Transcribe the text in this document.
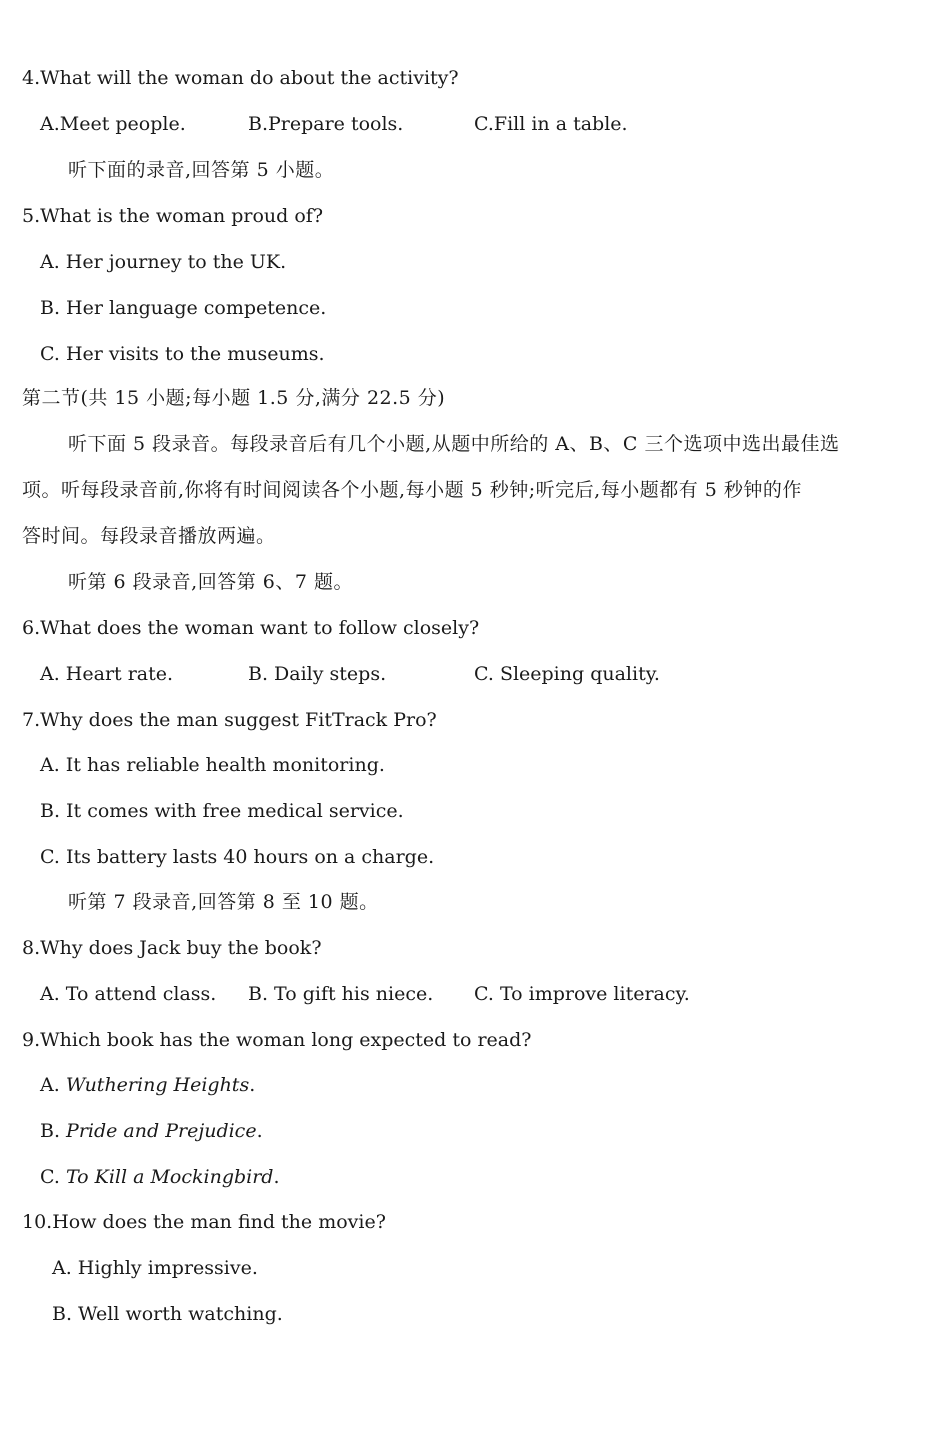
4.What will the woman do about the activity?
A.Meet people.	B.Prepare tools.	C.Fill in a table.
听下面的录音,回答第 5 小题。
5.What is the woman proud of?
A. Her journey to the UK.
B. Her language competence.
C. Her visits to the museums.
第二节(共 15 小题;每小题 1.5 分,满分 22.5 分)
听下面 5 段录音。每段录音后有几个小题,从题中所给的 A、B、C 三个选项中选出最佳选
项。听每段录音前,你将有时间阅读各个小题,每小题 5 秒钟;听完后,每小题都有 5 秒钟的作
答时间。每段录音播放两遍。
听第 6 段录音,回答第 6、7 题。
6.What does the woman want to follow closely?
A. Heart rate.	B. Daily steps.	C. Sleeping quality.
7.Why does the man suggest FitTrack Pro?
A. It has reliable health monitoring.
B. It comes with free medical service.
C. Its battery lasts 40 hours on a charge.
听第 7 段录音,回答第 8 至 10 题。
8.Why does Jack buy the book?
A. To attend class. B. To gift his niece. C. To improve literacy.
9.Which book has the woman long expected to read?
A. Wuthering Heights.
B. Pride and Prejudice.
C. To Kill a Mockingbird.
10.How does the man find the movie?
A. Highly impressive.
B. Well worth watching.
